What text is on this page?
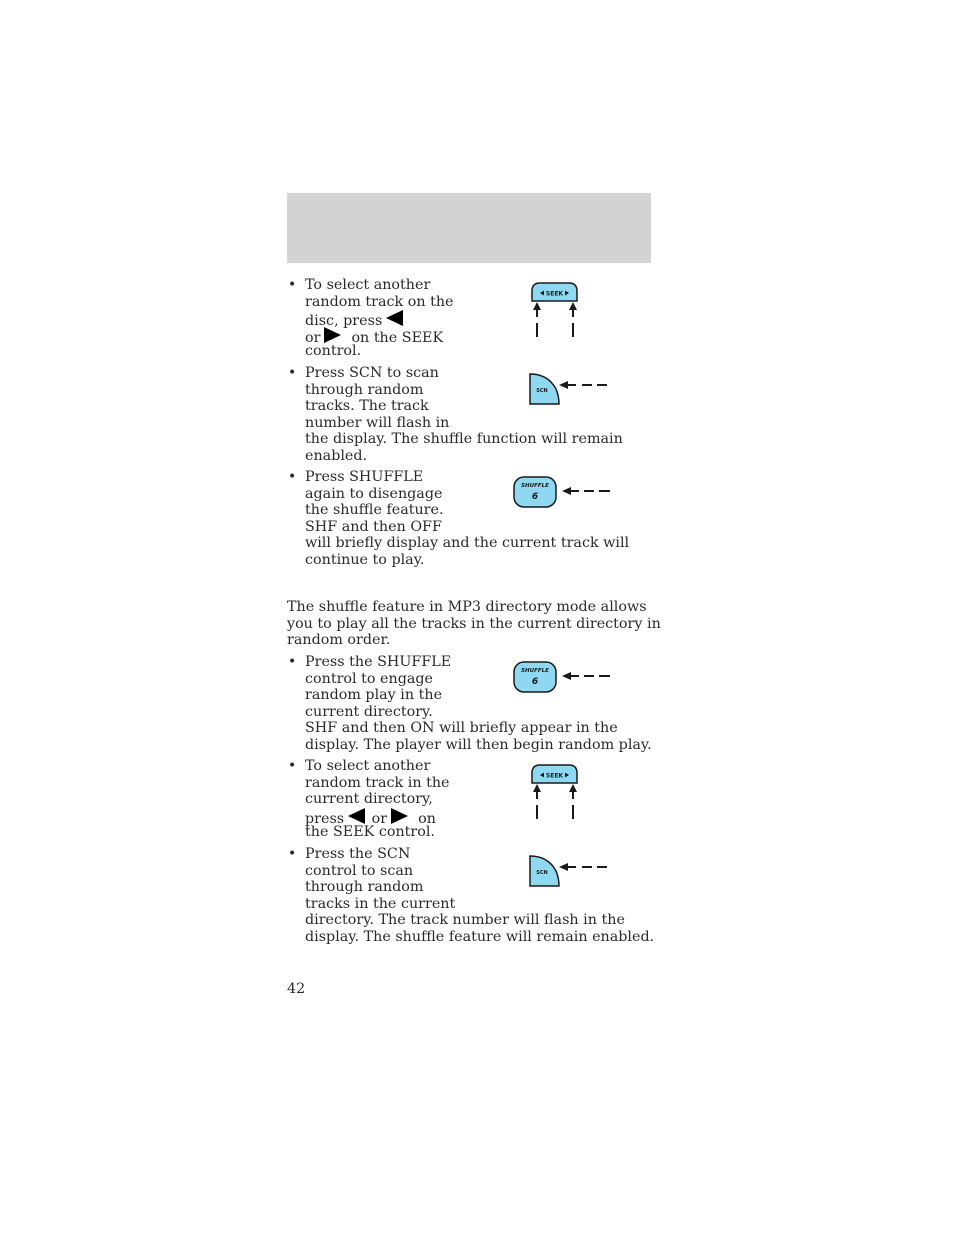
• To select another
random track on the
disc, press
or on the SEEK
control.
SEEK
• Press SCN to scan
through random
tracks. The track
number will flash in
the display. The shuffle function will remain
enabled.
SCN
• Press SHUFFLE
again to disengage
the shuffle feature.
SHF and then OFF
will briefly display and the current track will
continue to play.
SHUFFLE
6
The shuffle feature in MP3 directory mode allows
you to play all the tracks in the current directory in
random order.
• Press the SHUFFLE
control to engage
random play in the
current directory.
SHF and then ON will briefly appear in the
display. The player will then begin random play.
SHUFFLE
6
• To select another
random track in the
current directory,
press or on
the SEEK control.
SEEK
• Press the SCN
control to scan
through random
tracks in the current
directory. The track number will flash in the
display. The shuffle feature will remain enabled.
SCN
42
